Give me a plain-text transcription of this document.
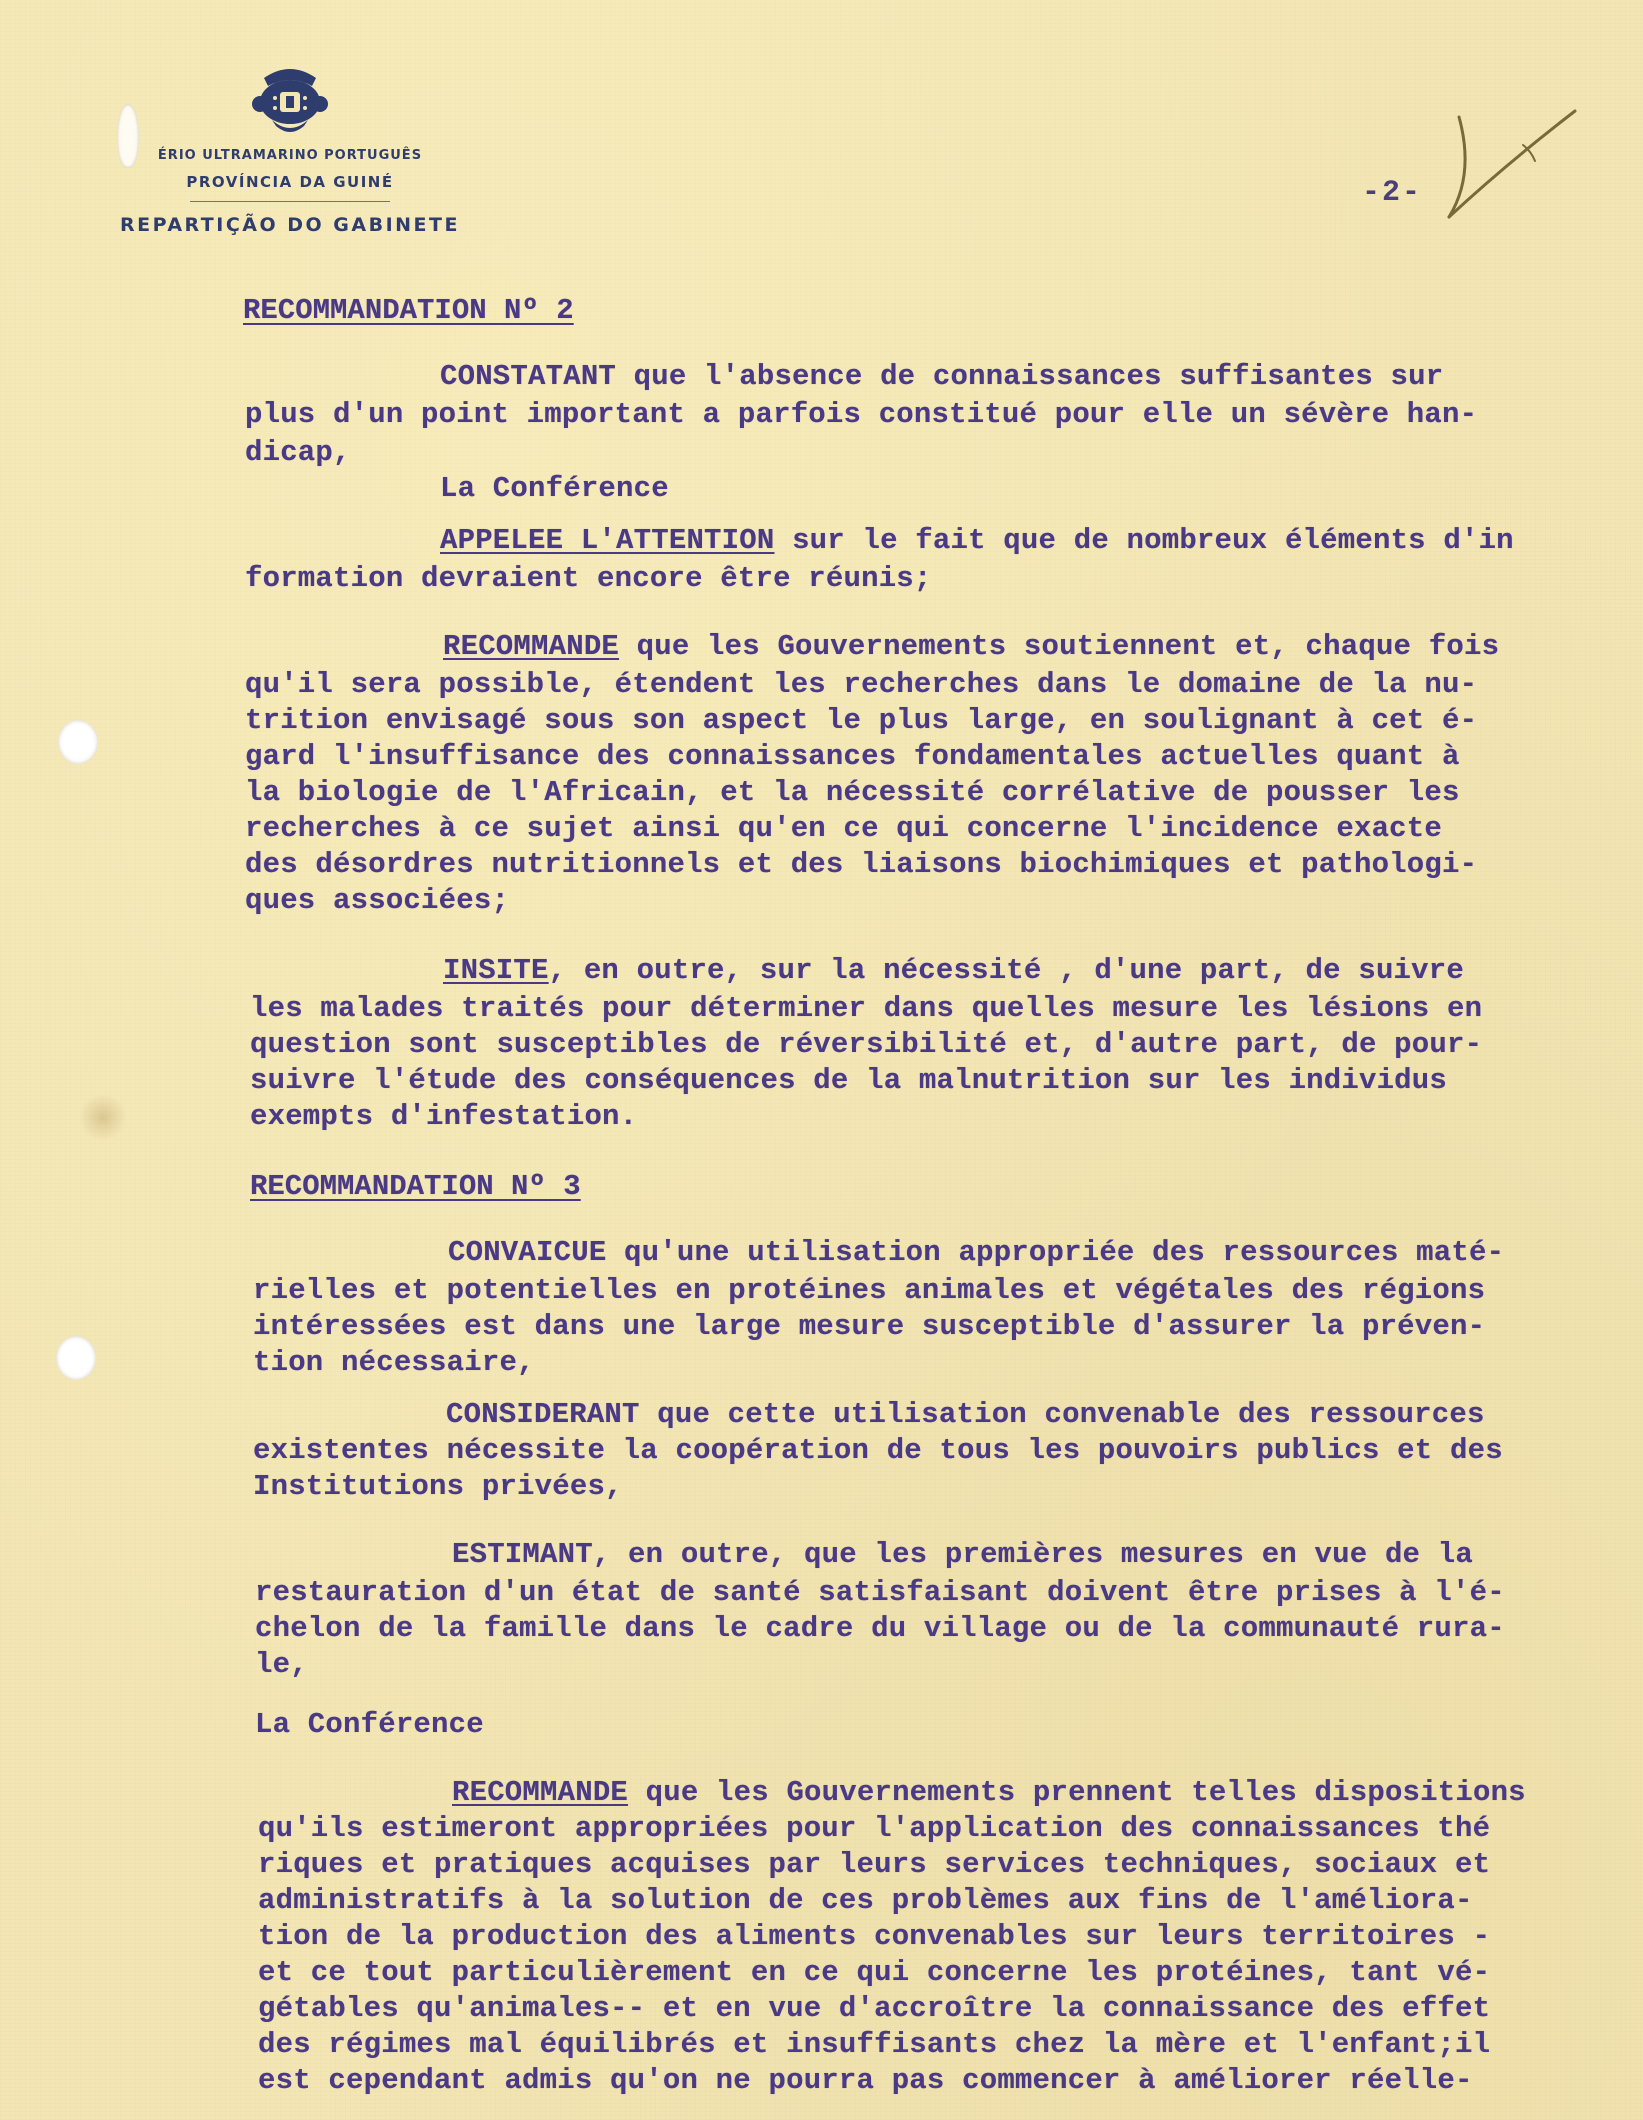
ÉRIO ULTRAMARINO PORTUGUÊS
PROVÍNCIA DA GUINÉ
REPARTIÇÃO DO GABINETE
-2-
RECOMMANDATION Nº 2
CONSTATANT que l'absence de connaissances suffisantes sur
plus d'un point important a parfois constitué pour elle un sévère han-
dicap,
La Conférence
APPELEE L'ATTENTION sur le fait que de nombreux éléments d'in
formation devraient encore être réunis;
RECOMMANDE que les Gouvernements soutiennent et, chaque fois
qu'il sera possible, étendent les recherches dans le domaine de la nu-
trition envisagé sous son aspect le plus large, en soulignant à cet é-
gard l'insuffisance des connaissances fondamentales actuelles quant à
la biologie de l'Africain, et la nécessité corrélative de pousser les
recherches à ce sujet ainsi qu'en ce qui concerne l'incidence exacte
des désordres nutritionnels et des liaisons biochimiques et pathologi-
ques associées;
INSITE, en outre, sur la nécessité , d'une part, de suivre
les malades traités pour déterminer dans quelles mesure les lésions en
question sont susceptibles de réversibilité et, d'autre part, de pour-
suivre l'étude des conséquences de la malnutrition sur les individus
exempts d'infestation.
RECOMMANDATION Nº 3
CONVAICUE qu'une utilisation appropriée des ressources maté-
rielles et potentielles en protéines animales et végétales des régions
intéressées est dans une large mesure susceptible d'assurer la préven-
tion nécessaire,
CONSIDERANT que cette utilisation convenable des ressources
existentes nécessite la coopération de tous les pouvoirs publics et des
Institutions privées,
ESTIMANT, en outre, que les premières mesures en vue de la
restauration d'un état de santé satisfaisant doivent être prises à l'é-
chelon de la famille dans le cadre du village ou de la communauté rura-
le,
La Conférence
RECOMMANDE que les Gouvernements prennent telles dispositions
qu'ils estimeront appropriées pour l'application des connaissances thé
riques et pratiques acquises par leurs services techniques, sociaux et
administratifs à la solution de ces problèmes aux fins de l'améliora-
tion de la production des aliments convenables sur leurs territoires -
et ce tout particulièrement en ce qui concerne les protéines, tant vé-
gétables qu'animales-- et en vue d'accroître la connaissance des effet
des régimes mal équilibrés et insuffisants chez la mère et l'enfant;il
est cependant admis qu'on ne pourra pas commencer à améliorer réelle-
